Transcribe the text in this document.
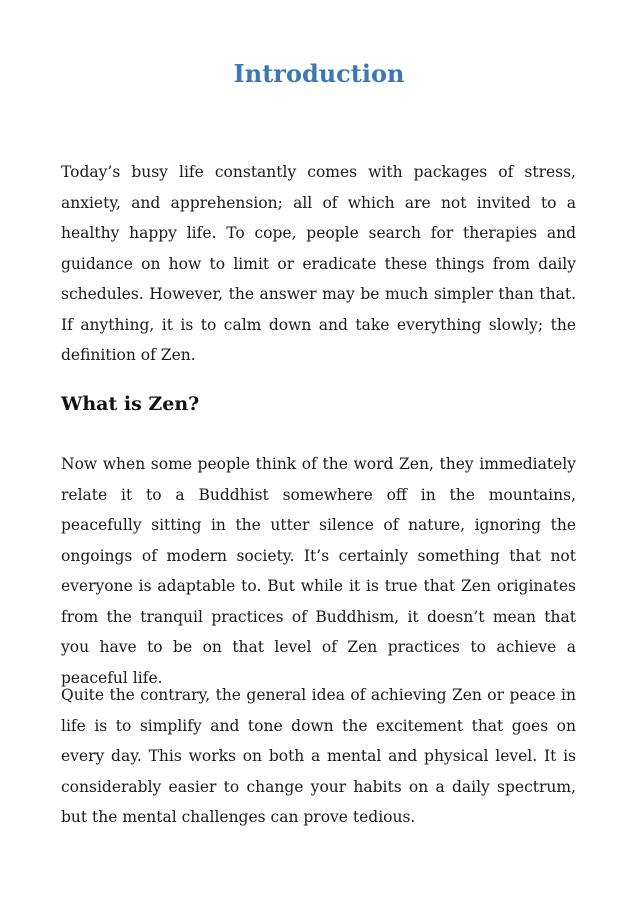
Introduction

Today’s busy life constantly comes with packages of stress, anxiety, and apprehension; all of which are not invited to a healthy happy life. To cope, people search for therapies and guidance on how to limit or eradicate these things from daily schedules. However, the answer may be much simpler than that. If anything, it is to calm down and take everything slowly; the definition of Zen.

What is Zen?

Now when some people think of the word Zen, they immediately relate it to a Buddhist somewhere off in the mountains, peacefully sitting in the utter silence of nature, ignoring the ongoings of modern society. It’s certainly something that not everyone is adaptable to. But while it is true that Zen originates from the tranquil practices of Buddhism, it doesn’t mean that you have to be on that level of Zen practices to achieve a peaceful life.

Quite the contrary, the general idea of achieving Zen or peace in life is to simplify and tone down the excitement that goes on every day. This works on both a mental and physical level. It is considerably easier to change your habits on a daily spectrum, but the mental challenges can prove tedious.
